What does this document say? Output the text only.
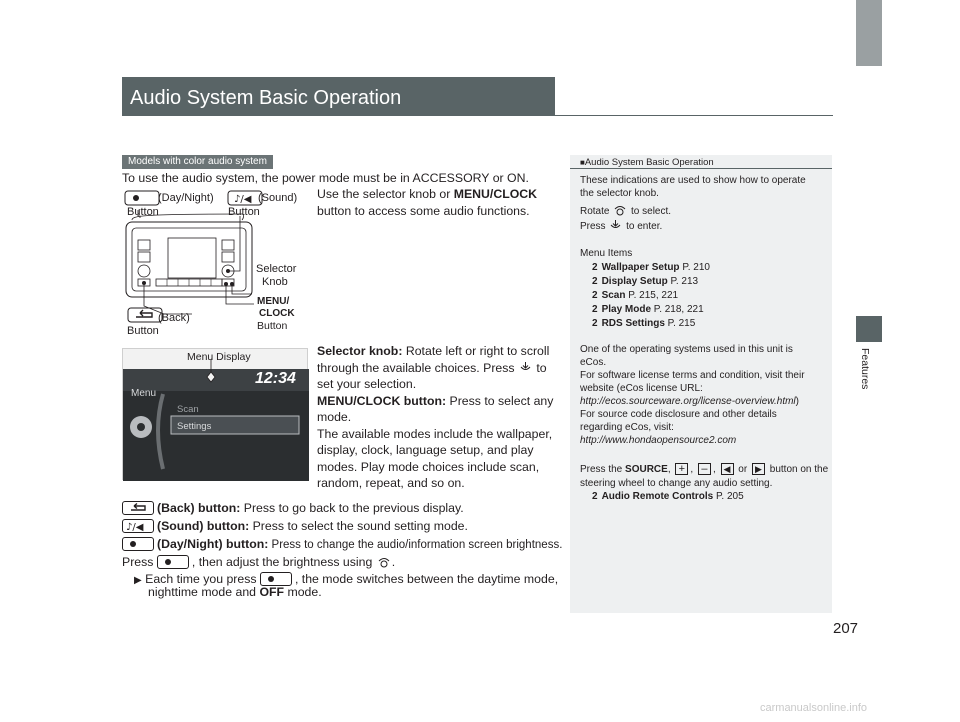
Audio System Basic Operation
Features
207
Models with color audio system
To use the audio system, the power mode must be in ACCESSORY or ON.
Use the selector knob or MENU/CLOCK button to access some audio functions.
♪/◀
(Day/Night)
Button
(Sound)
Button
Selector
Knob
MENU/
CLOCK
Button
(Back)
Button
Menu Display
12:34
Menu
Scan
Settings

Selector knob: Rotate left or right to scroll through the available choices. Press  to set your selection.

MENU/CLOCK button: Press to select any mode.

The available modes include the wallpaper, display, clock, language setup, and play modes. Play mode choices include scan, random, repeat, and so on.

(Back) button: Press to go back to the previous display.
♪/◀ (Sound) button: Press to select the sound setting mode.
(Day/Night) button: Press to change the audio/information screen brightness.
Press	, then adjust the brightness using .
▶ Each time you press	, the mode switches between the daytime mode,
nighttime mode and OFF mode.
■Audio System Basic Operation
These indications are used to show how to operate
the selector knob.
Rotate  to select.
Press  to enter.
Menu Items
2 Wallpaper Setup P. 210
2 Display Setup P. 213
2 Scan P. 215, 221
2 Play Mode P. 218, 221
2 RDS Settings P. 215
One of the operating systems used in this unit is
eCos.
For software license terms and condition, visit their
website (eCos license URL:
http://ecos.sourceware.org/license-overview.html)
For source code disclosure and other details
regarding eCos, visit:
http://www.hondaopensource2.com
Press the SOURCE, + , – , ◀ or ▶ button on the
steering wheel to change any audio setting.
2 Audio Remote Controls P. 205
carmanualsonline.info
